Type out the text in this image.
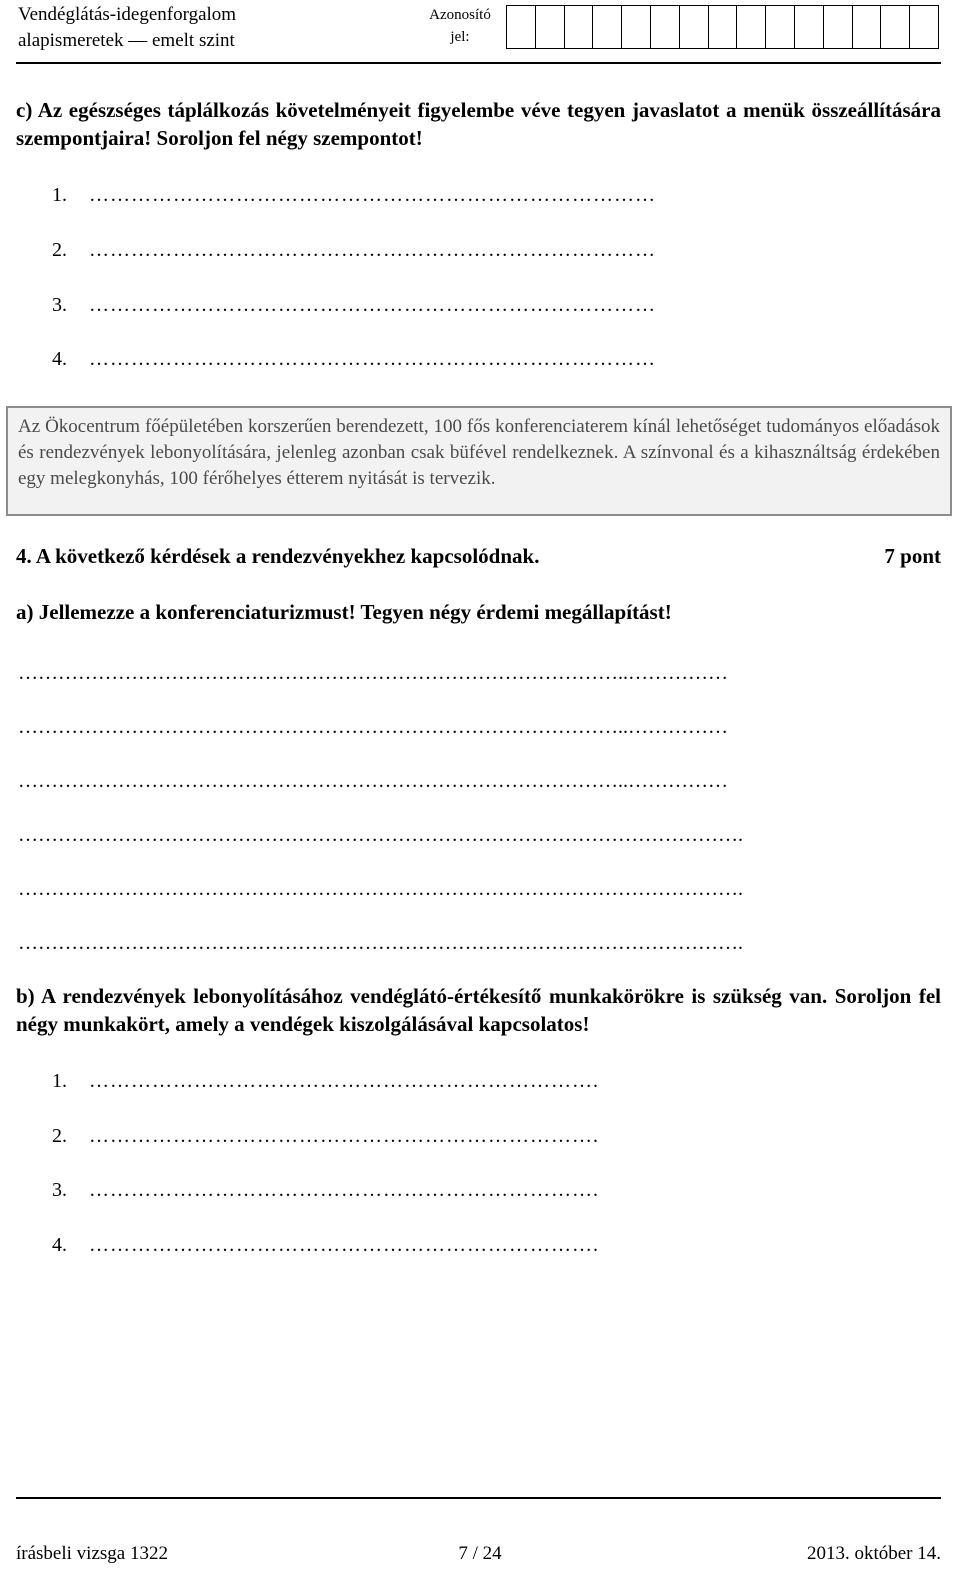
Vendéglátás-idegenforgalom
alapismeretek — emelt szint
Azonosító
jel:
c) Az egészséges táplálkozás követelményeit figyelembe véve tegyen javaslatot a menük összeállítására szempontjaira! Soroljon fel négy szempontot!
1. ………………………………………………………………………
2. ………………………………………………………………………
3. ………………………………………………………………………
4. ………………………………………………………………………
Az Ökocentrum főépületében korszerűen berendezett, 100 fős konferenciaterem kínál lehetőséget tudományos előadások és rendezvények lebonyolítására, jelenleg azonban csak büfével rendelkeznek. A színvonal és a kihasználtság érdekében egy melegkonyhás, 100 férőhelyes étterem nyitását is tervezik.
4. A következő kérdések a rendezvényekhez kapcsolódnak.	7 pont
a) Jellemezze a konferenciaturizmust! Tegyen négy érdemi megállapítást!
………………………………………………………………………………..……………
………………………………………………………………………………..……………
………………………………………………………………………………..……………
……………………………………………………………………………………………….
……………………………………………………………………………………………….
……………………………………………………………………………………………….
b) A rendezvények lebonyolításához vendéglátó-értékesítő munkakörökre is szükség van. Soroljon fel négy munkakört, amely a vendégek kiszolgálásával kapcsolatos!
1. ……………………………………………………………….
2. ……………………………………………………………….
3. ……………………………………………………………….
4. ……………………………………………………………….
írásbeli vizsga 1322	7 / 24	2013. október 14.
